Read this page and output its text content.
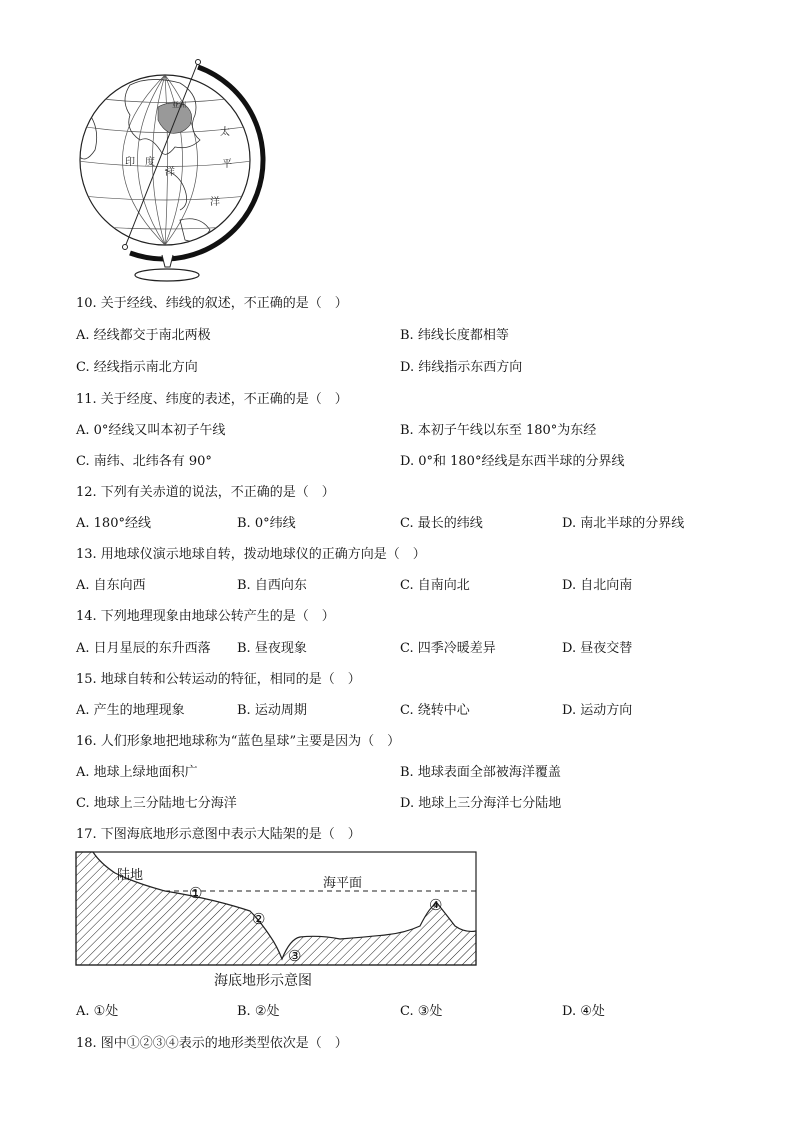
亚洲
太
平
洋
印 度
洋
10. 关于经线、纬线的叙述，不正确的是（　）
A. 经线都交于南北两极	B. 纬线长度都相等
C. 经线指示南北方向	D. 纬线指示东西方向
11. 关于经度、纬度的表述，不正确的是（　）
A. 0°经线又叫本初子午线	B. 本初子午线以东至 180°为东经
C. 南纬、北纬各有 90°	D. 0°和 180°经线是东西半球的分界线
12. 下列有关赤道的说法，不正确的是（　）
A. 180°经线	B. 0°纬线	C. 最长的纬线	D. 南北半球的分界线
13. 用地球仪演示地球自转，拨动地球仪的正确方向是（　）
A. 自东向西	B. 自西向东	C. 自南向北	D. 自北向南
14. 下列地理现象由地球公转产生的是（　）
A. 日月星辰的东升西落 B. 昼夜现象	C. 四季冷暖差异	D. 昼夜交替
15. 地球自转和公转运动的特征，相同的是（　）
A. 产生的地理现象	B. 运动周期	C. 绕转中心	D. 运动方向
16. 人们形象地把地球称为“蓝色星球”主要是因为（　）
A. 地球上绿地面积广	B. 地球表面全部被海洋覆盖
C. 地球上三分陆地七分海洋	D. 地球上三分海洋七分陆地
17. 下图海底地形示意图中表示大陆架的是（　）
陆地
海平面
①
②
③
④
海底地形示意图
A. ①处	B. ②处	C. ③处	D. ④处
18. 图中①②③④表示的地形类型依次是（　）
